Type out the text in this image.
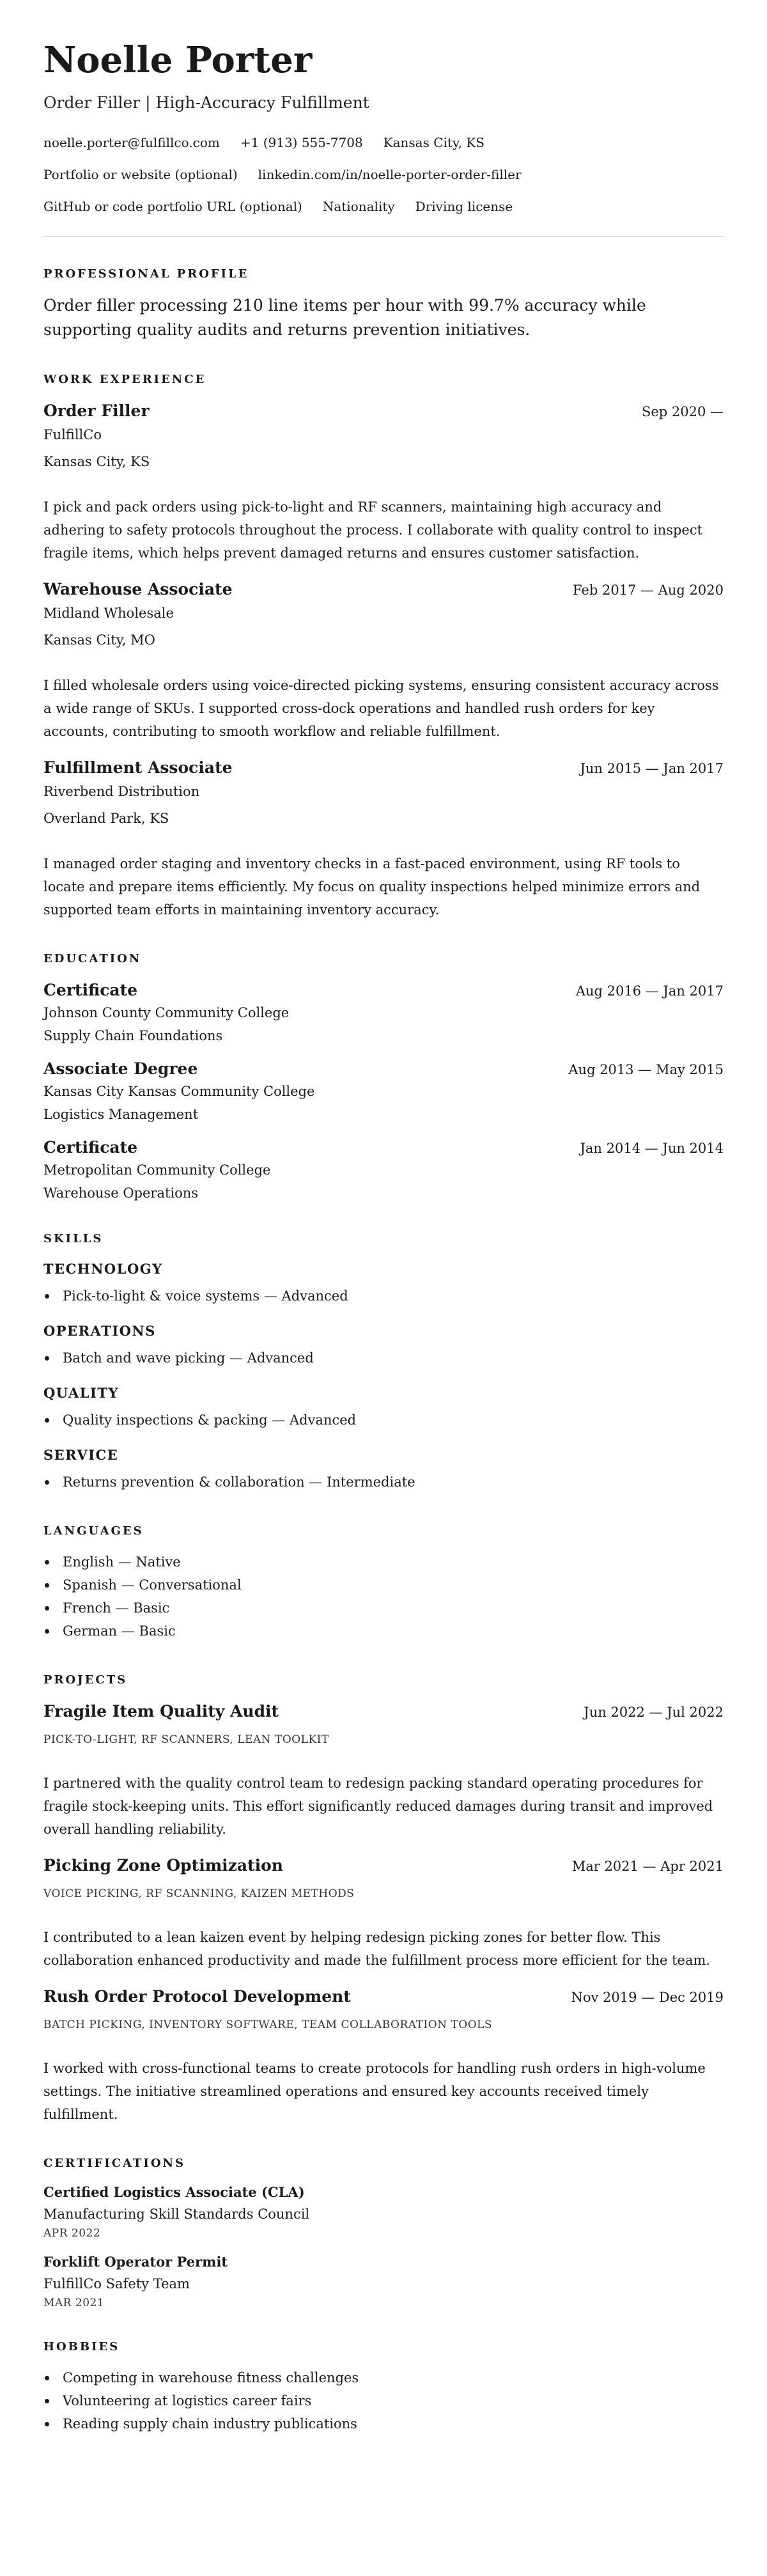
Noelle Porter
Order Filler | High-Accuracy Fulfillment
noelle.porter@fulfillco.com +1 (913) 555-7708 Kansas City, KS
Portfolio or website (optional) linkedin.com/in/noelle-porter-order-filler
GitHub or code portfolio URL (optional) Nationality Driving license
PROFESSIONAL PROFILE

Order filler processing 210 line items per hour with 99.7% accuracy while supporting quality audits and returns prevention initiatives.

WORK EXPERIENCE
Order Filler	Sep 2020 —
FulfillCo
Kansas City, KS

I pick and pack orders using pick-to-light and RF scanners, maintaining high accuracy and adhering to safety protocols throughout the process. I collaborate with quality control to inspect fragile items, which helps prevent damaged returns and ensures customer satisfaction.

Warehouse Associate	Feb 2017 — Aug 2020
Midland Wholesale
Kansas City, MO

I filled wholesale orders using voice-directed picking systems, ensuring consistent accuracy across a wide range of SKUs. I supported cross-dock operations and handled rush orders for key accounts, contributing to smooth workflow and reliable fulfillment.

Fulfillment Associate	Jun 2015 — Jan 2017
Riverbend Distribution
Overland Park, KS

I managed order staging and inventory checks in a fast-paced environment, using RF tools to locate and prepare items efficiently. My focus on quality inspections helped minimize errors and supported team efforts in maintaining inventory accuracy.

EDUCATION
Certificate	Aug 2016 — Jan 2017
Johnson County Community College
Supply Chain Foundations
Associate Degree	Aug 2013 — May 2015
Kansas City Kansas Community College
Logistics Management
Certificate	Jan 2014 — Jun 2014
Metropolitan Community College
Warehouse Operations
SKILLS
TECHNOLOGY
Pick-to-light & voice systems — Advanced
OPERATIONS
Batch and wave picking — Advanced
QUALITY
Quality inspections & packing — Advanced
SERVICE
Returns prevention & collaboration — Intermediate
LANGUAGES
English — Native
Spanish — Conversational
French — Basic
German — Basic
PROJECTS
Fragile Item Quality Audit	Jun 2022 — Jul 2022
PICK-TO-LIGHT, RF SCANNERS, LEAN TOOLKIT

I partnered with the quality control team to redesign packing standard operating procedures for fragile stock-keeping units. This effort significantly reduced damages during transit and improved overall handling reliability.

Picking Zone Optimization	Mar 2021 — Apr 2021
VOICE PICKING, RF SCANNING, KAIZEN METHODS

I contributed to a lean kaizen event by helping redesign picking zones for better flow. This collaboration enhanced productivity and made the fulfillment process more efficient for the team.

Rush Order Protocol Development	Nov 2019 — Dec 2019
BATCH PICKING, INVENTORY SOFTWARE, TEAM COLLABORATION TOOLS

I worked with cross-functional teams to create protocols for handling rush orders in high-volume settings. The initiative streamlined operations and ensured key accounts received timely fulfillment.

CERTIFICATIONS
Certified Logistics Associate (CLA)
Manufacturing Skill Standards Council
APR 2022
Forklift Operator Permit
FulfillCo Safety Team
MAR 2021
HOBBIES
Competing in warehouse fitness challenges
Volunteering at logistics career fairs
Reading supply chain industry publications
